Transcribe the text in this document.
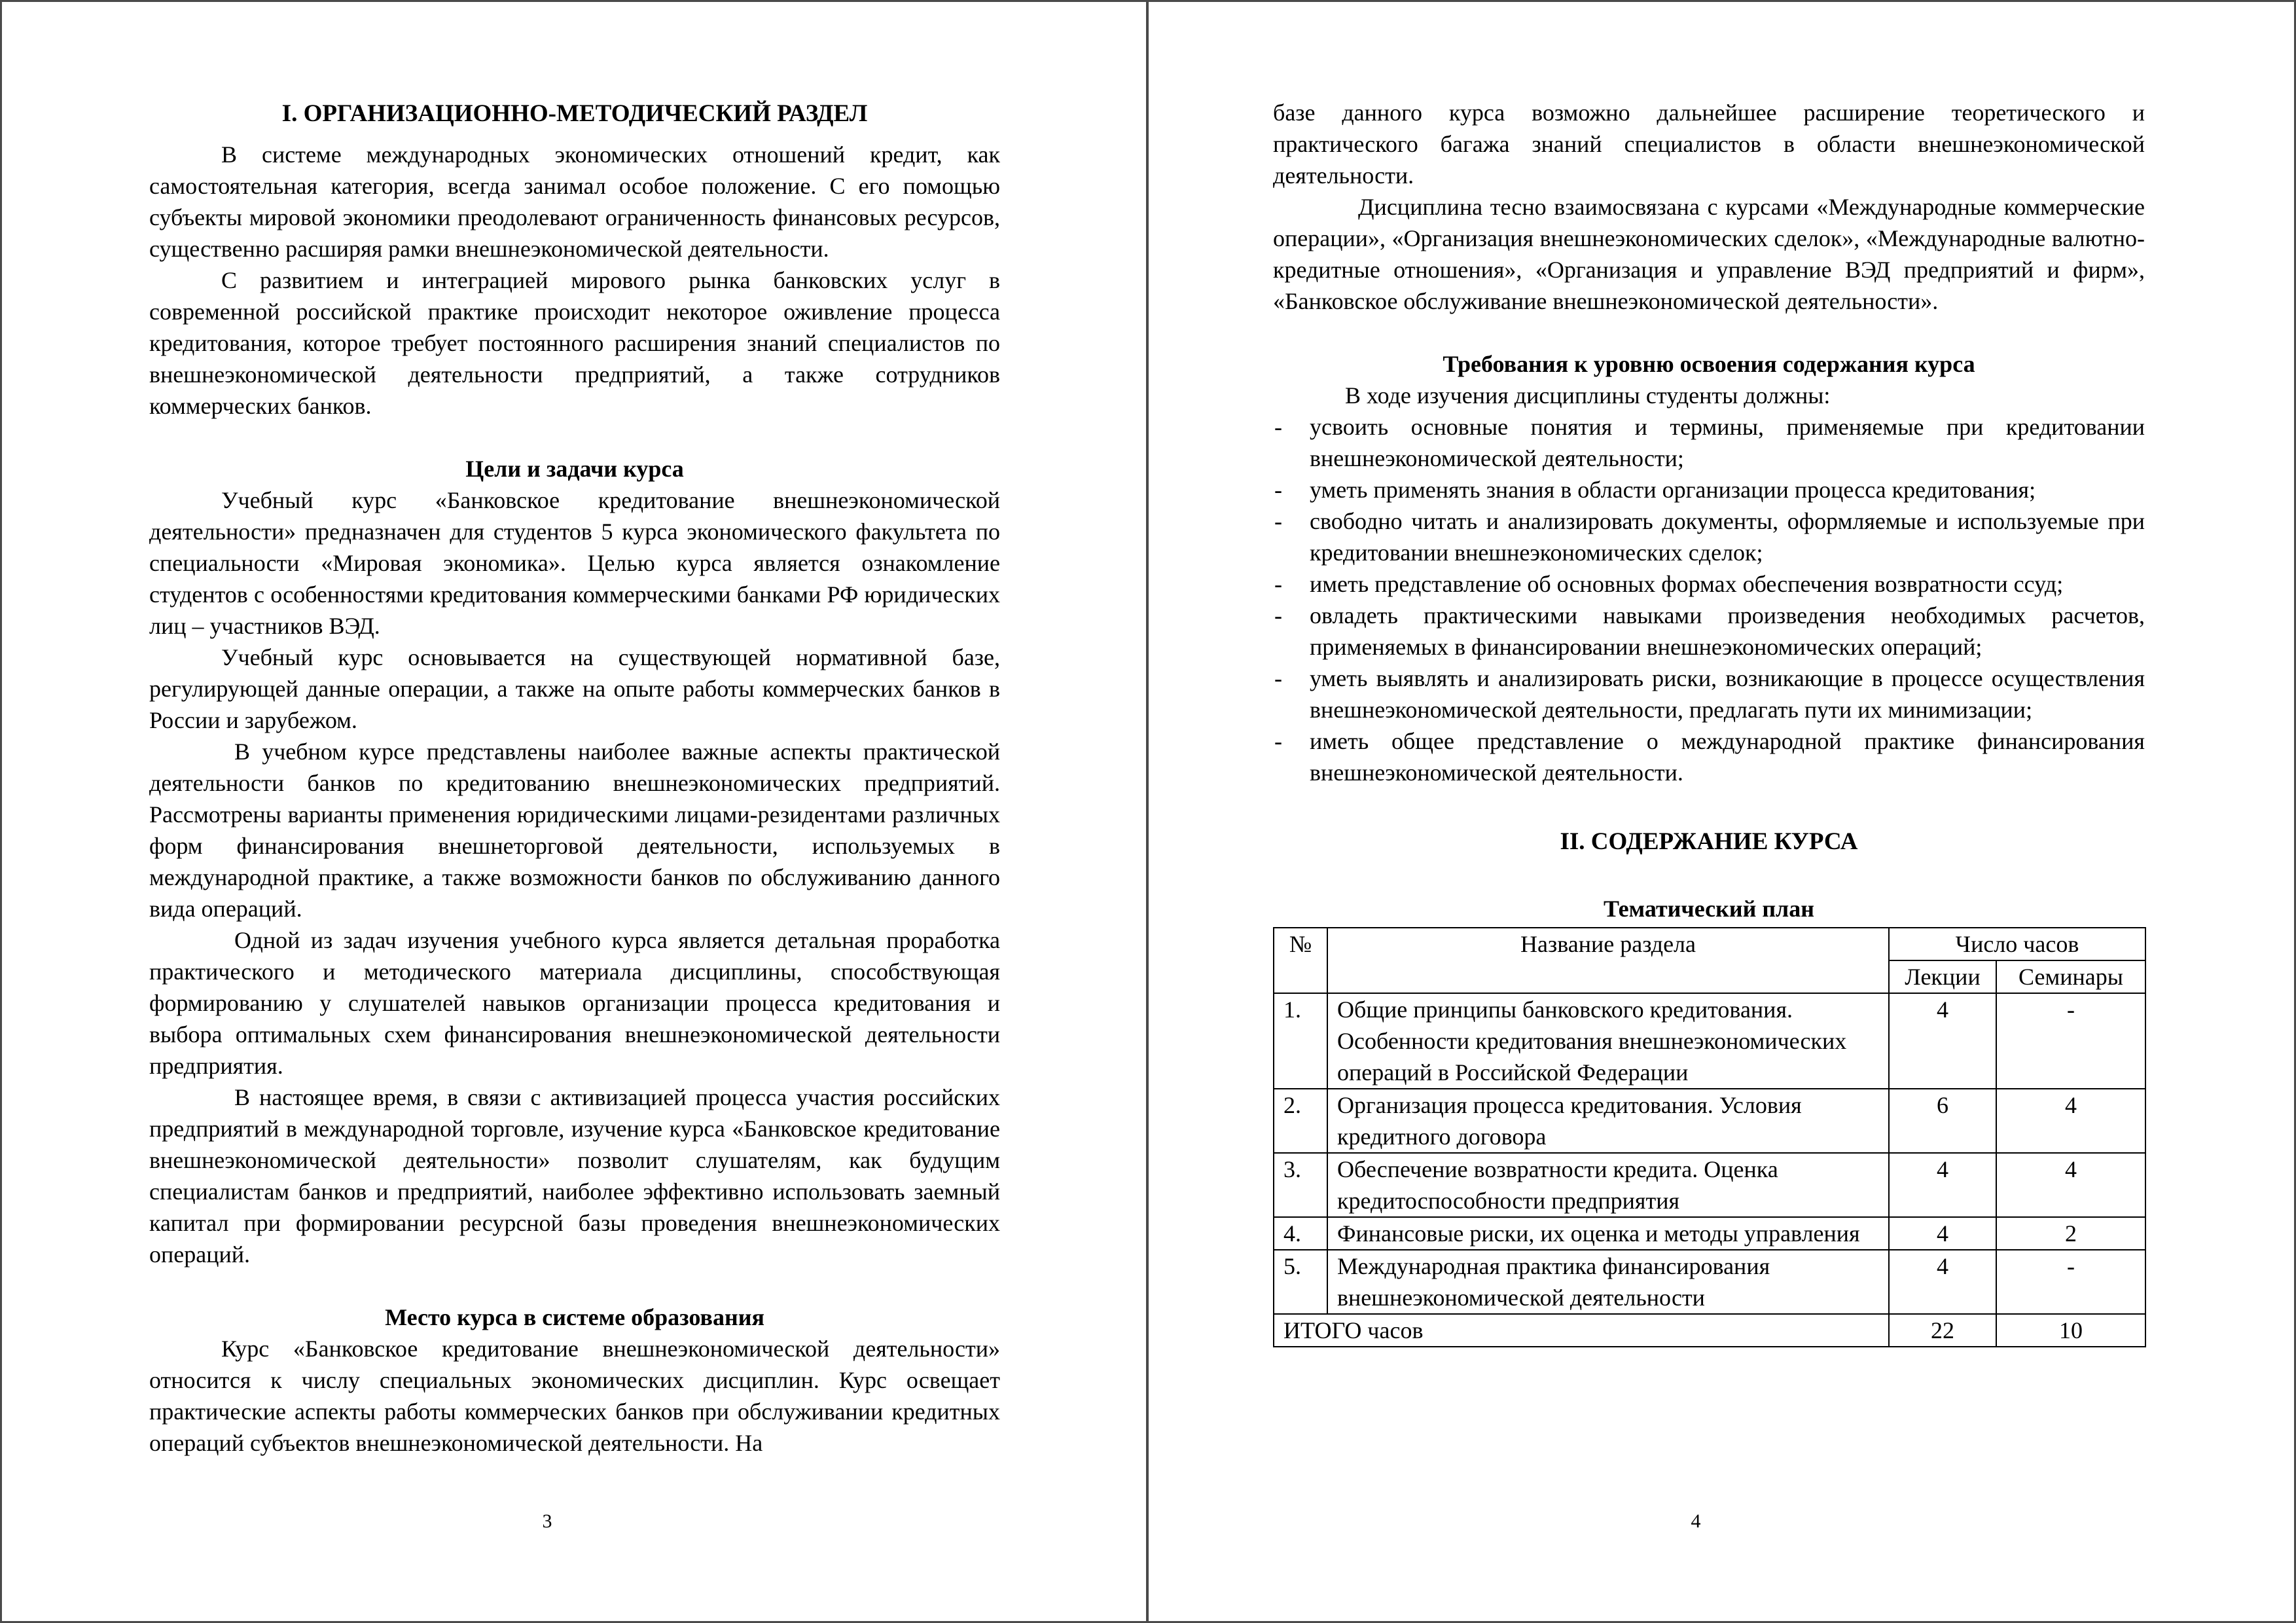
I. ОРГАНИЗАЦИОННО-МЕТОДИЧЕСКИЙ РАЗДЕЛ

В системе международных экономических отношений кредит, как самостоятельная категория, всегда занимал особое положение. С его помощью субъекты мировой экономики преодолевают ограниченность финансовых ресурсов, существенно расширяя рамки внешнеэкономической деятельности.

С развитием и интеграцией мирового рынка банковских услуг в современной российской практике происходит некоторое оживление процесса кредитования, которое требует постоянного расширения знаний специалистов по внешнеэкономической деятельности предприятий, а также сотрудников коммерческих банков.

Цели и задачи курса

Учебный курс «Банковское кредитование внешнеэкономической деятельности» предназначен для студентов 5 курса экономического факультета по специальности «Мировая экономика». Целью курса является ознакомление студентов с особенностями кредитования коммерческими банками РФ юридических лиц – участников ВЭД.

Учебный курс основывается на существующей нормативной базе, регулирующей данные операции, а также на опыте работы коммерческих банков в России и зарубежом.

В учебном курсе представлены наиболее важные аспекты практической деятельности банков по кредитованию внешнеэкономических предприятий. Рассмотрены варианты применения юридическими лицами-резидентами различных форм финансирования внешнеторговой деятельности, используемых в международной практике, а также возможности банков по обслуживанию данного вида операций.

Одной из задач изучения учебного курса является детальная проработка практического и методического материала дисциплины, способствующая формированию у слушателей навыков организации процесса кредитования и выбора оптимальных схем финансирования внешнеэкономической деятельности предприятия.

В настоящее время, в связи с активизацией процесса участия российских предприятий в международной торговле, изучение курса «Банковское кредитование внешнеэкономической деятельности» позволит слушателям, как будущим специалистам банков и предприятий, наиболее эффективно использовать заемный капитал при формировании ресурсной базы проведения внешнеэкономических операций.

Место курса в системе образования

Курс «Банковское кредитование внешнеэкономической деятельности» относится к числу специальных экономических дисциплин. Курс освещает практические аспекты работы коммерческих банков при обслуживании кредитных операций субъектов внешнеэкономической деятельности. На

3

базе данного курса возможно дальнейшее расширение теоретического и практического багажа знаний специалистов в области внешнеэкономической деятельности.

Дисциплина тесно взаимосвязана с курсами «Международные коммерческие операции», «Организация внешнеэкономических сделок», «Международные валютно-кредитные отношения», «Организация и управление ВЭД предприятий и фирм», «Банковское обслуживание внешнеэкономической деятельности».

Требования к уровню освоения содержания курса

В ходе изучения дисциплины студенты должны:

- усвоить основные понятия и термины, применяемые при кредитовании внешнеэкономической деятельности;
- уметь применять знания в области организации процесса кредитования;
- свободно читать и анализировать документы, оформляемые и используемые при кредитовании внешнеэкономических сделок;
- иметь представление об основных формах обеспечения возвратности ссуд;
- овладеть практическими навыками произведения необходимых расчетов, применяемых в финансировании внешнеэкономических операций;
- уметь выявлять и анализировать риски, возникающие в процессе осуществления внешнеэкономической деятельности, предлагать пути их минимизации;
- иметь общее представление о международной практике финансирования внешнеэкономической деятельности.
II. СОДЕРЖАНИЕ КУРСА
Тематический план
№	Название раздела	Число часов	
		Лекции	Семинары
1.	Общие принципы банковского кредитования. Особенности кредитования внешнеэкономических операций в Российской Федерации	4	-
2.	Организация процесса кредитования. Условия кредитного договора	6	4
3.	Обеспечение возвратности кредита. Оценка кредитоспособности предприятия	4	4
4.	Финансовые риски, их оценка и методы управления	4	2
5.	Международная практика финансирования внешнеэкономической деятельности	4	-
ИТОГО часов		22	10
4
